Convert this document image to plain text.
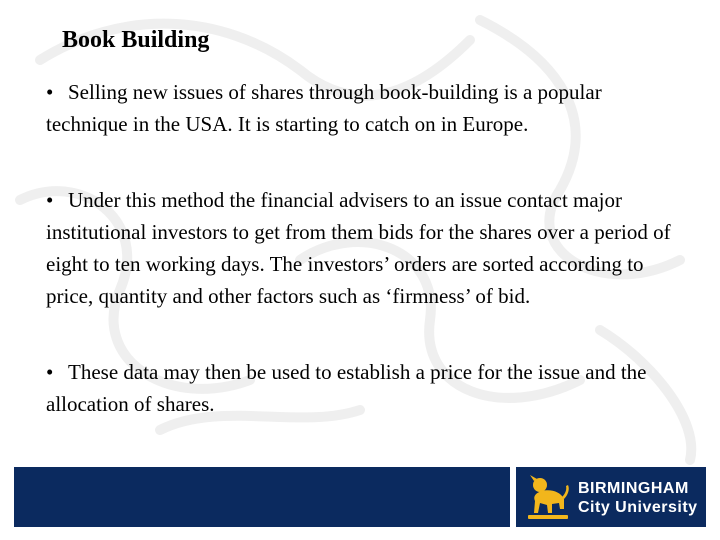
Book Building

• Selling new issues of shares through book-building is a popular technique in the USA. It is starting to catch on in Europe.

• Under this method the financial advisers to an issue contact major institutional investors to get from them bids for the shares over a period of eight to ten working days. The investors’ orders are sorted according to price, quantity and other factors such as ‘firmness’ of bid.

• These data may then be used to establish a price for the issue and the allocation of shares.

BIRMINGHAM
City University
